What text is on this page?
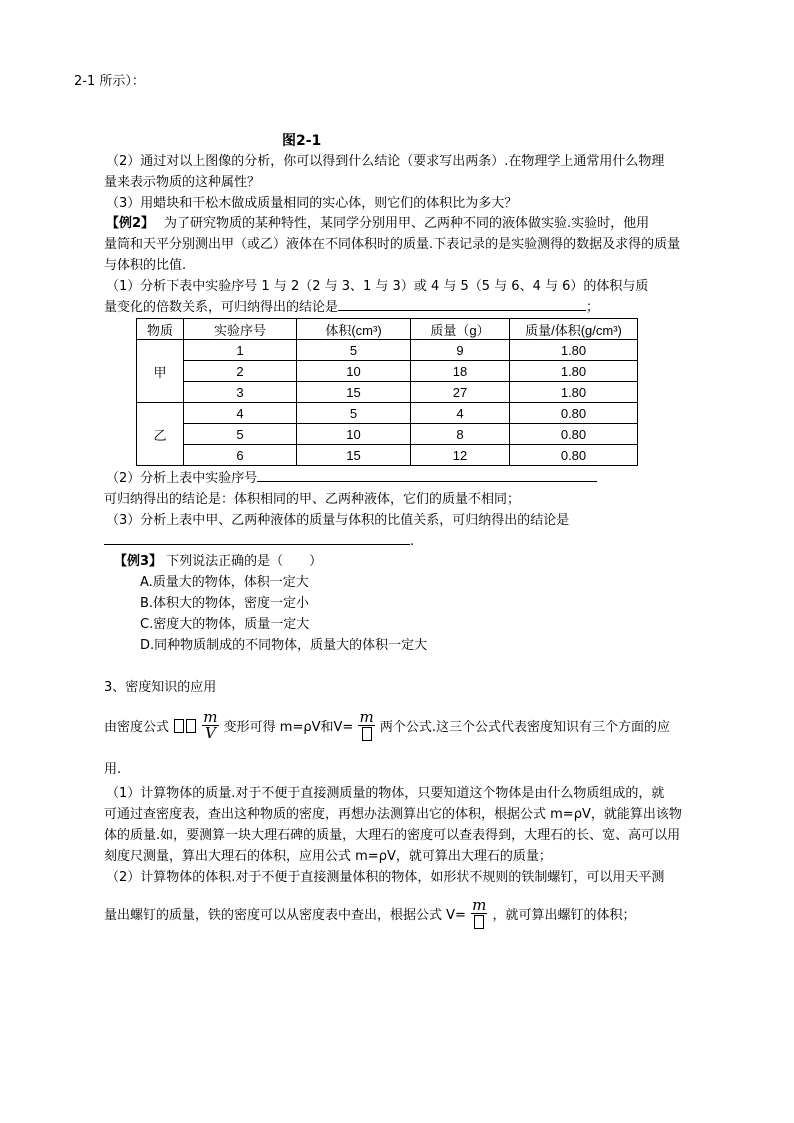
2-1 所示）：
图2-1
（2）通过对以上图像的分析，你可以得到什么结论（要求写出两条）.在物理学上通常用什么物理
量来表示物质的这种属性？
（3）用蜡块和干松木做成质量相同的实心体，则它们的体积比为多大？
【例2】 为了研究物质的某种特性，某同学分别用甲、乙两种不同的液体做实验.实验时，他用
量筒和天平分别测出甲（或乙）液体在不同体积时的质量.下表记录的是实验测得的数据及求得的质量
与体积的比值.
（1）分析下表中实验序号 1 与 2（2 与 3、1 与 3）或 4 与 5（5 与 6、4 与 6）的体积与质
量变化的倍数关系，可归纳得出的结论是	；
物质	实验序号	体积(cm³)	质量（g）	质量/体积(g/cm³)
甲	1	5	9	1.80
	2	10	18	1.80
	3	15	27	1.80
乙	4	5	4	0.80
	5	10	8	0.80
	6	15	12	0.80
（2）分析上表中实验序号
可归纳得出的结论是：体积相同的甲、乙两种液体，它们的质量不相同；
（3）分析上表中甲、乙两种液体的质量与体积的比值关系，可归纳得出的结论是
.
【例3】 下列说法正确的是（　　）
A.质量大的物体，体积一定大
B.体积大的物体，密度一定小
C.密度大的物体，质量一定大
D.同种物质制成的不同物体，质量大的体积一定大
3、密度知识的应用
由密度公式 $\frac{m}{V}$ 变形可得 m=ρV和V=
m
两个公式.这三个公式代表密度知识有三个方面的应
用.
（1）计算物体的质量.对于不便于直接测质量的物体，只要知道这个物体是由什么物质组成的，就
可通过查密度表，查出这种物质的密度，再想办法测算出它的体积，根据公式 m=ρV，就能算出该物
体的质量.如，要测算一块大理石碑的质量，大理石的密度可以查表得到，大理石的长、宽、高可以用
刻度尺测量，算出大理石的体积，应用公式 m=ρV，就可算出大理石的质量；
（2）计算物体的体积.对于不便于直接测量体积的物体，如形状不规则的铁制螺钉，可以用天平测
量出螺钉的质量，铁的密度可以从密度表中查出，根据公式 V=
m
，就可算出螺钉的体积；
